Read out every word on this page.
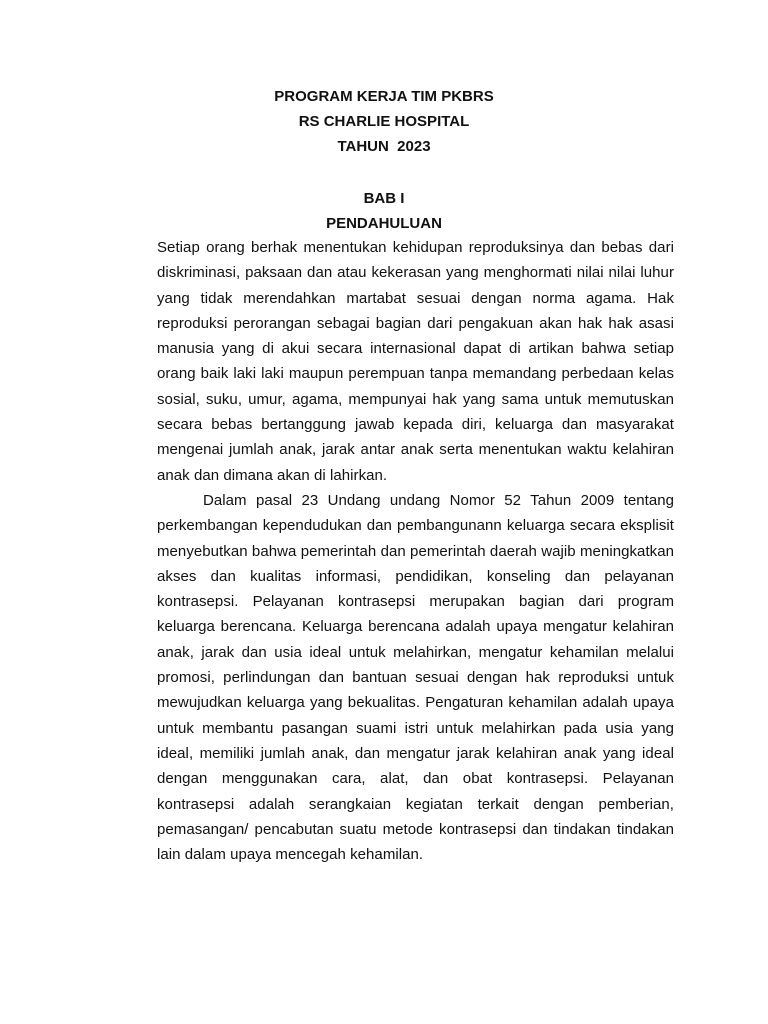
PROGRAM KERJA TIM PKBRS
RS CHARLIE HOSPITAL
TAHUN  2023
BAB I
PENDAHULUAN

Setiap orang berhak menentukan kehidupan reproduksinya dan bebas dari diskriminasi, paksaan dan atau kekerasan yang menghormati nilai nilai luhur yang tidak merendahkan martabat sesuai dengan norma agama. Hak reproduksi perorangan sebagai bagian dari pengakuan akan hak hak asasi manusia yang di akui secara internasional dapat di artikan bahwa setiap orang baik laki laki maupun perempuan tanpa memandang perbedaan kelas sosial, suku, umur, agama, mempunyai hak yang sama untuk memutuskan secara bebas bertanggung jawab kepada diri, keluarga dan masyarakat mengenai jumlah anak, jarak antar anak serta menentukan waktu kelahiran anak dan dimana akan di lahirkan.

Dalam pasal 23 Undang undang Nomor 52 Tahun 2009 tentang perkembangan kependudukan dan pembangunann keluarga secara eksplisit menyebutkan bahwa pemerintah dan pemerintah daerah wajib meningkatkan akses dan kualitas informasi, pendidikan, konseling dan pelayanan kontrasepsi. Pelayanan kontrasepsi merupakan bagian dari program keluarga berencana. Keluarga berencana adalah upaya mengatur kelahiran anak, jarak dan usia ideal untuk melahirkan, mengatur kehamilan melalui promosi, perlindungan dan bantuan sesuai dengan hak reproduksi untuk mewujudkan keluarga yang bekualitas. Pengaturan kehamilan adalah upaya untuk membantu pasangan suami istri untuk melahirkan pada usia yang ideal, memiliki jumlah anak, dan mengatur jarak kelahiran anak yang ideal dengan menggunakan cara, alat, dan obat kontrasepsi. Pelayanan kontrasepsi adalah serangkaian kegiatan terkait dengan pemberian, pemasangan/ pencabutan suatu metode kontrasepsi dan tindakan tindakan lain dalam upaya mencegah kehamilan.
